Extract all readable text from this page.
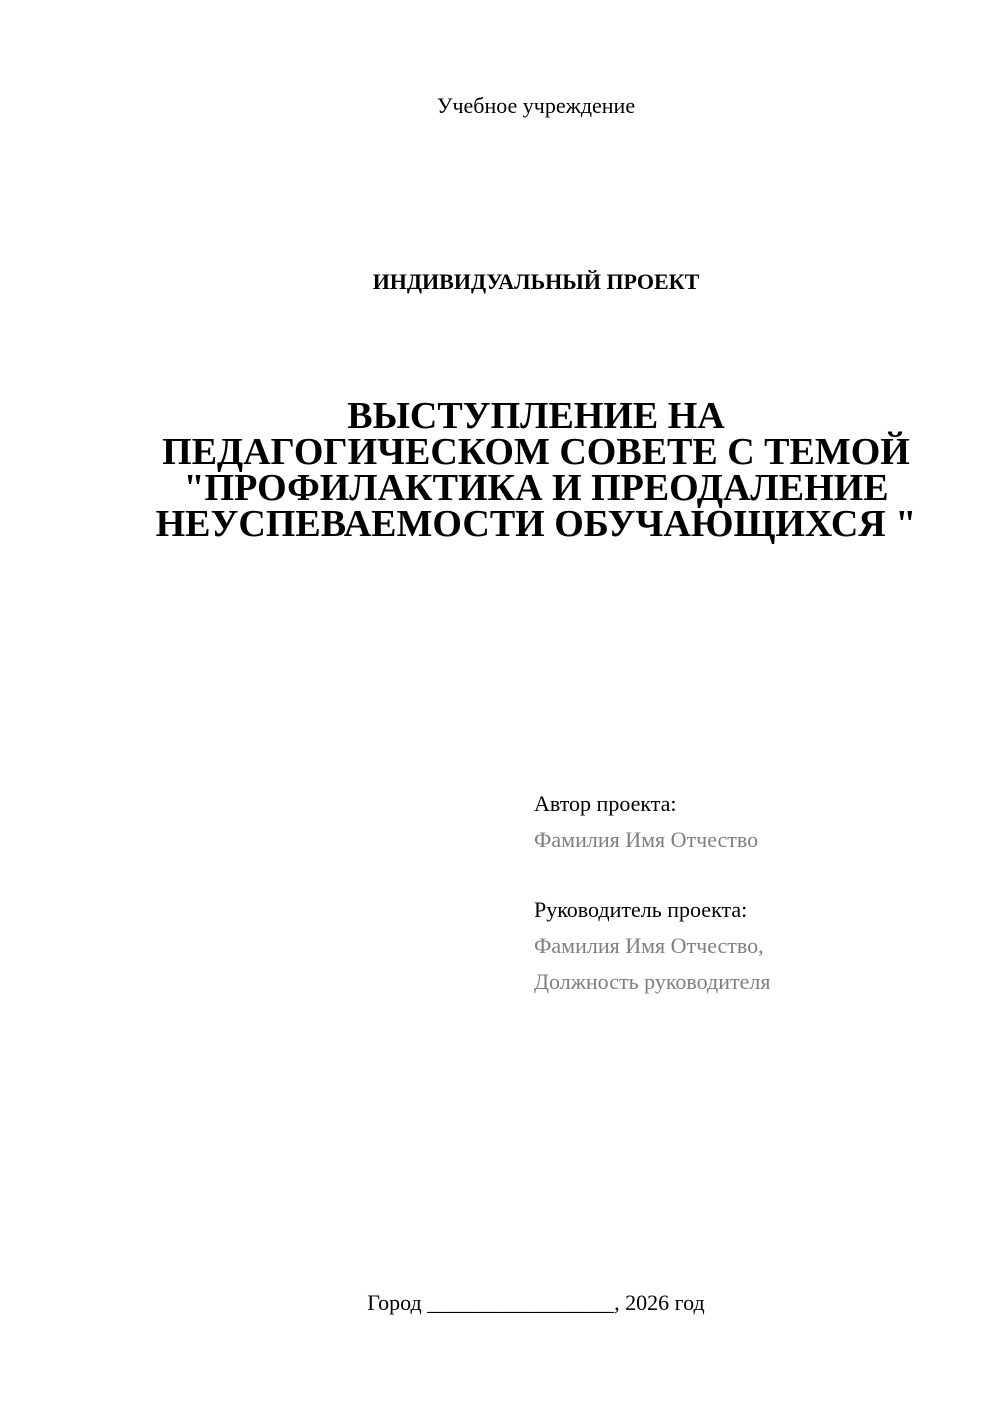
Учебное учреждение
ИНДИВИДУАЛЬНЫЙ ПРОЕКТ
ВЫСТУПЛЕНИЕ НА
ПЕДАГОГИЧЕСКОМ СОВЕТЕ С ТЕМОЙ
"ПРОФИЛАКТИКА И ПРЕОДАЛЕНИЕ
НЕУСПЕВАЕМОСТИ ОБУЧАЮЩИХСЯ "
Автор проекта:
Фамилия Имя Отчество
Руководитель проекта:
Фамилия Имя Отчество,
Должность руководителя
Город _________________, 2026 год
